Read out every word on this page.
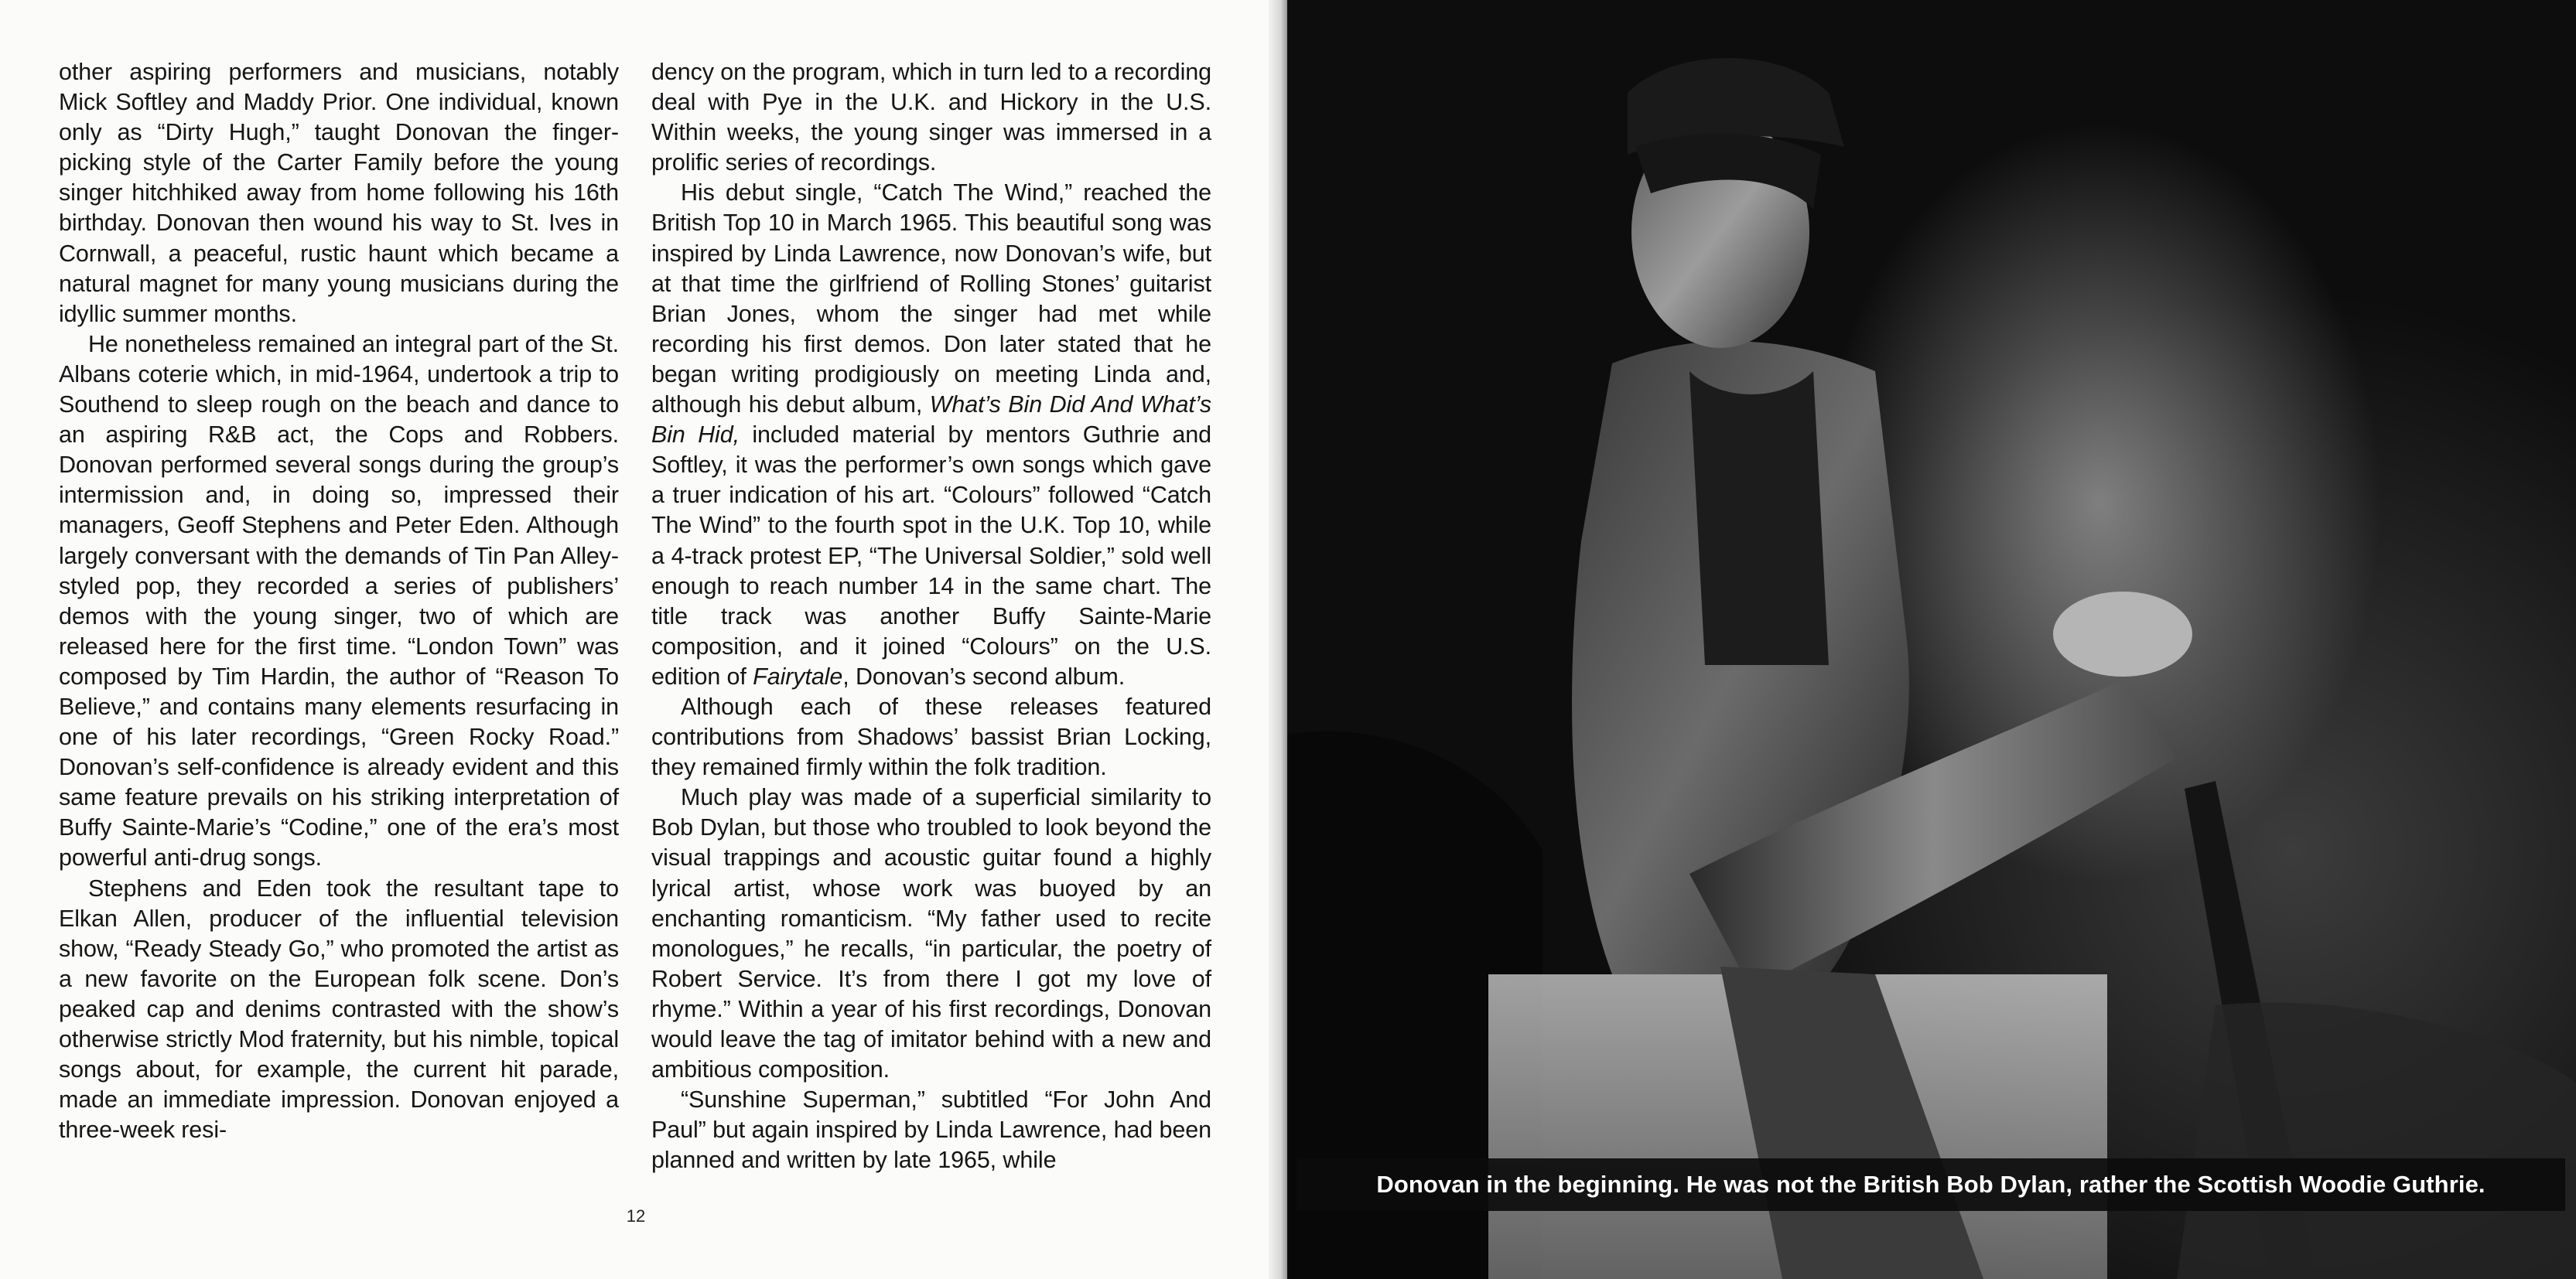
other aspiring performers and musicians, notably Mick Softley and Maddy Prior. One individual, known only as “Dirty Hugh,” taught Donovan the finger-picking style of the Carter Family before the young singer hitchhiked away from home following his 16th birthday. Donovan then wound his way to St. Ives in Cornwall, a peaceful, rustic haunt which became a natural magnet for many young musicians during the idyllic summer months.

He nonetheless remained an integral part of the St. Albans coterie which, in mid-1964, undertook a trip to Southend to sleep rough on the beach and dance to an aspiring R&B act, the Cops and Robbers. Donovan performed several songs during the group’s intermission and, in doing so, impressed their managers, Geoff Stephens and Peter Eden. Although largely conversant with the demands of Tin Pan Alley-styled pop, they recorded a series of publishers’ demos with the young singer, two of which are released here for the first time. “London Town” was composed by Tim Hardin, the author of “Reason To Believe,” and contains many elements resurfacing in one of his later recordings, “Green Rocky Road.” Donovan’s self-confidence is already evident and this same feature prevails on his striking interpretation of Buffy Sainte-Marie’s “Codine,” one of the era’s most powerful anti-drug songs.

Stephens and Eden took the resultant tape to Elkan Allen, producer of the influential television show, “Ready Steady Go,” who promoted the artist as a new favorite on the European folk scene. Don’s peaked cap and denims contrasted with the show’s otherwise strictly Mod fraternity, but his nimble, topical songs about, for example, the current hit parade, made an immediate impression. Donovan enjoyed a three-week resi-

dency on the program, which in turn led to a recording deal with Pye in the U.K. and Hickory in the U.S. Within weeks, the young singer was immersed in a prolific series of recordings.

His debut single, “Catch The Wind,” reached the British Top 10 in March 1965. This beautiful song was inspired by Linda Lawrence, now Donovan’s wife, but at that time the girlfriend of Rolling Stones’ guitarist Brian Jones, whom the singer had met while recording his first demos. Don later stated that he began writing prodigiously on meeting Linda and, although his debut album, What’s Bin Did And What’s Bin Hid, included material by mentors Guthrie and Softley, it was the performer’s own songs which gave a truer indication of his art. “Colours” followed “Catch The Wind” to the fourth spot in the U.K. Top 10, while a 4-track protest EP, “The Universal Soldier,” sold well enough to reach number 14 in the same chart. The title track was another Buffy Sainte-Marie composition, and it joined “Colours” on the U.S. edition of Fairytale, Donovan’s second album.

Although each of these releases featured contributions from Shadows’ bassist Brian Locking, they remained firmly within the folk tradition.

Much play was made of a superficial similarity to Bob Dylan, but those who troubled to look beyond the visual trappings and acoustic guitar found a highly lyrical artist, whose work was buoyed by an enchanting romanticism. “My father used to recite monologues,” he recalls, “in particular, the poetry of Robert Service. It’s from there I got my love of rhyme.” Within a year of his first recordings, Donovan would leave the tag of imitator behind with a new and ambitious composition.

“Sunshine Superman,” subtitled “For John And Paul” but again inspired by Linda Lawrence, had been planned and written by late 1965, while

12
Donovan in the beginning. He was not the British Bob Dylan, rather the Scottish Woodie Guthrie.
